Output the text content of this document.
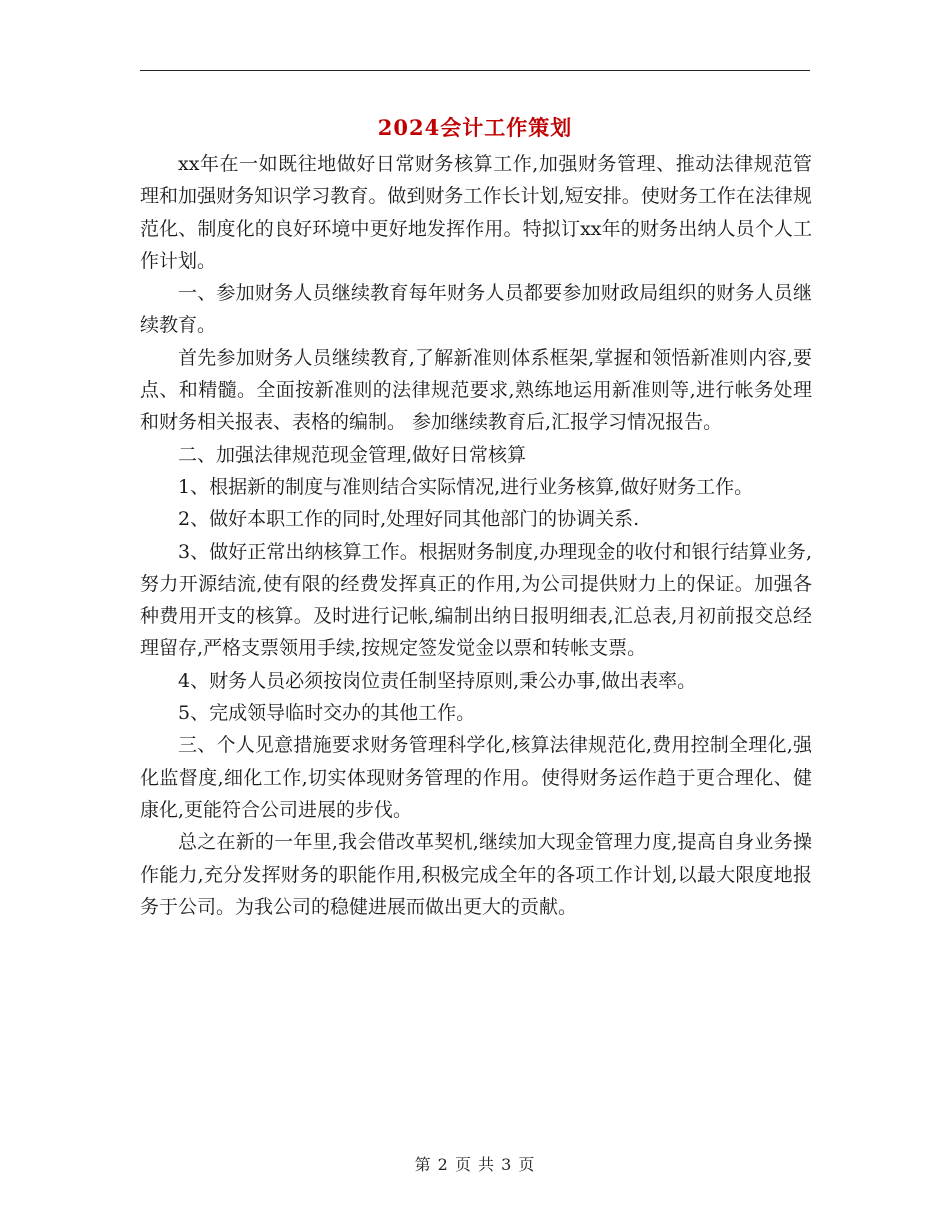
2024会计工作策划

xx年在一如既往地做好日常财务核算工作,加强财务管理、推动法律规范管理和加强财务知识学习教育。做到财务工作长计划,短安排。使财务工作在法律规范化、制度化的良好环境中更好地发挥作用。特拟订xx年的财务出纳人员个人工作计划。

一、参加财务人员继续教育每年财务人员都要参加财政局组织的财务人员继续教育。

首先参加财务人员继续教育,了解新准则体系框架,掌握和领悟新准则内容,要点、和精髓。全面按新准则的法律规范要求,熟练地运用新准则等,进行帐务处理和财务相关报表、表格的编制。 参加继续教育后,汇报学习情况报告。

二、加强法律规范现金管理,做好日常核算

1、根据新的制度与准则结合实际情况,进行业务核算,做好财务工作。

2、做好本职工作的同时,处理好同其他部门的协调关系.

3、做好正常出纳核算工作。根据财务制度,办理现金的收付和银行结算业务,努力开源结流,使有限的经费发挥真正的作用,为公司提供财力上的保证。加强各种费用开支的核算。及时进行记帐,编制出纳日报明细表,汇总表,月初前报交总经理留存,严格支票领用手续,按规定签发觉金以票和转帐支票。

4、财务人员必须按岗位责任制坚持原则,秉公办事,做出表率。

5、完成领导临时交办的其他工作。

三、个人见意措施要求财务管理科学化,核算法律规范化,费用控制全理化,强化监督度,细化工作,切实体现财务管理的作用。使得财务运作趋于更合理化、健康化,更能符合公司进展的步伐。

总之在新的一年里,我会借改革契机,继续加大现金管理力度,提高自身业务操作能力,充分发挥财务的职能作用,积极完成全年的各项工作计划,以最大限度地报务于公司。为我公司的稳健进展而做出更大的贡献。

第 2 页 共 3 页
